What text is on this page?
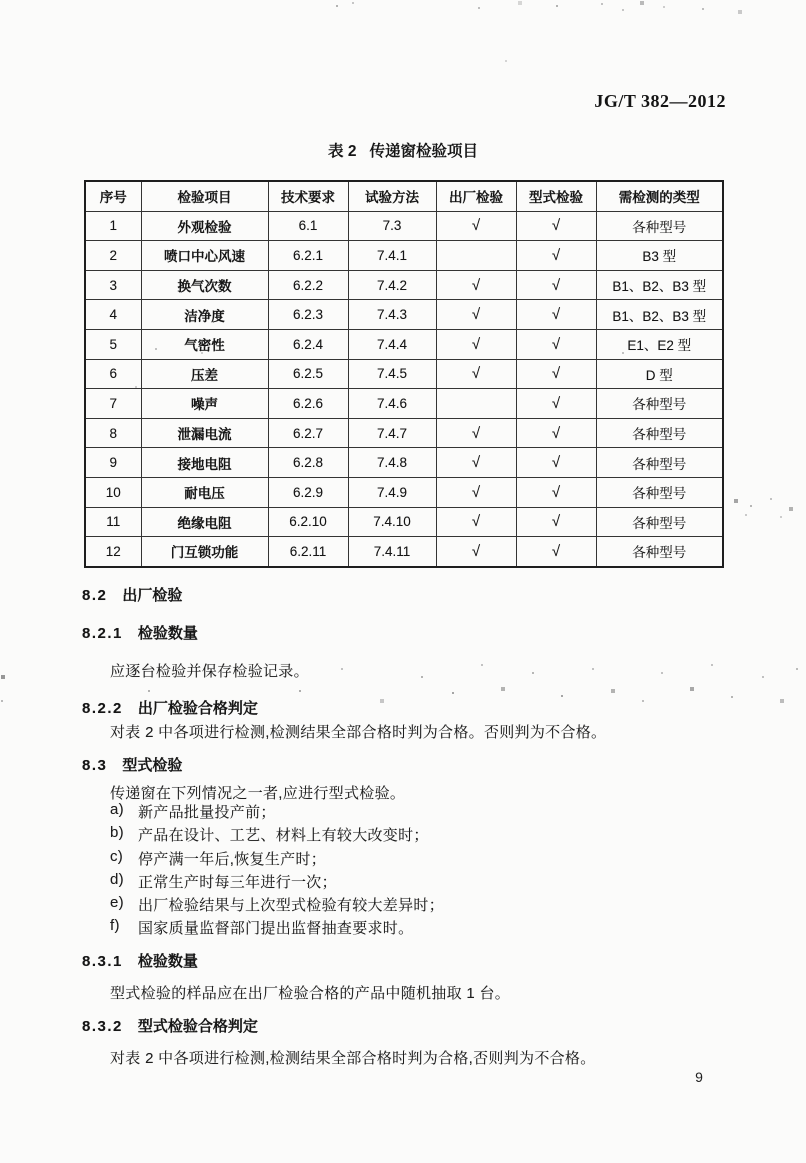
JG/T 382—2012
表 2 传递窗检验项目
序号	检验项目	技术要求	试验方法	出厂检验	型式检验	需检测的类型
1	外观检验	6.1	7.3	√	√	各种型号
2	喷口中心风速	6.2.1	7.4.1		√	B3 型
3	换气次数	6.2.2	7.4.2	√	√	B1、B2、B3 型
4	洁净度	6.2.3	7.4.3	√	√	B1、B2、B3 型
5	气密性	6.2.4	7.4.4	√	√	E1、E2 型
6	压差	6.2.5	7.4.5	√	√	D 型
7	噪声	6.2.6	7.4.6		√	各种型号
8	泄漏电流	6.2.7	7.4.7	√	√	各种型号
9	接地电阻	6.2.8	7.4.8	√	√	各种型号
10	耐电压	6.2.9	7.4.9	√	√	各种型号
11	绝缘电阻	6.2.10	7.4.10	√	√	各种型号
12	门互锁功能	6.2.11	7.4.11	√	√	各种型号
8.2 出厂检验
8.2.1 检验数量
应逐台检验并保存检验记录。
8.2.2 出厂检验合格判定
对表 2 中各项进行检测,检测结果全部合格时判为合格。否则判为不合格。
8.3 型式检验
传递窗在下列情况之一者,应进行型式检验。
a) 新产品批量投产前；
b) 产品在设计、工艺、材料上有较大改变时；
c) 停产满一年后,恢复生产时；
d) 正常生产时每三年进行一次；
e) 出厂检验结果与上次型式检验有较大差异时；
f)	国家质量监督部门提出监督抽查要求时。
8.3.1 检验数量
型式检验的样品应在出厂检验合格的产品中随机抽取 1 台。
8.3.2 型式检验合格判定
对表 2 中各项进行检测,检测结果全部合格时判为合格,否则判为不合格。
9
